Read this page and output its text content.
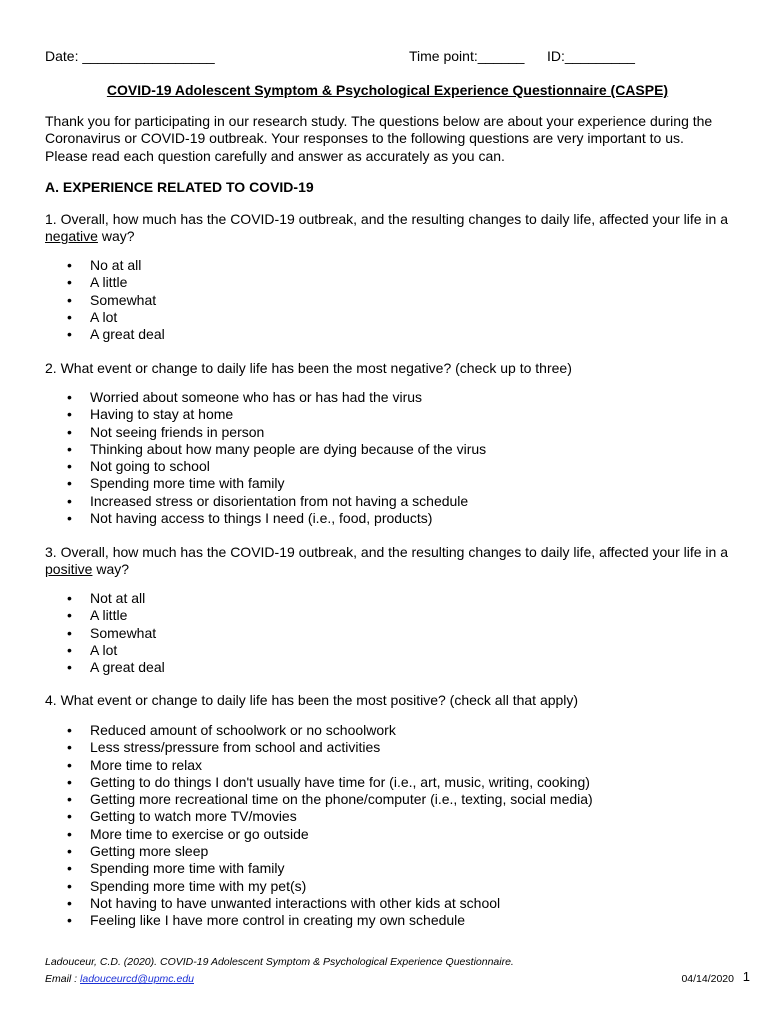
Date: _________________	Time point:______ ID:_________
COVID-19 Adolescent Symptom & Psychological Experience Questionnaire (CASPE)
Thank you for participating in our research study. The questions below are about your experience during the Coronavirus or COVID-19 outbreak. Your responses to the following questions are very important to us. Please read each question carefully and answer as accurately as you can.
A. EXPERIENCE RELATED TO COVID-19
1. Overall, how much has the COVID-19 outbreak, and the resulting changes to daily life, affected your life in a negative way?
• No at all
• A little
• Somewhat
• A lot
• A great deal
2. What event or change to daily life has been the most negative? (check up to three)
• Worried about someone who has or has had the virus
• Having to stay at home
• Not seeing friends in person
• Thinking about how many people are dying because of the virus
• Not going to school
• Spending more time with family
• Increased stress or disorientation from not having a schedule
• Not having access to things I need (i.e., food, products)
3. Overall, how much has the COVID-19 outbreak, and the resulting changes to daily life, affected your life in a positive way?
• Not at all
• A little
• Somewhat
• A lot
• A great deal
4. What event or change to daily life has been the most positive? (check all that apply)
• Reduced amount of schoolwork or no schoolwork
• Less stress/pressure from school and activities
• More time to relax
• Getting to do things I don't usually have time for (i.e., art, music, writing, cooking)
• Getting more recreational time on the phone/computer (i.e., texting, social media)
• Getting to watch more TV/movies
• More time to exercise or go outside
• Getting more sleep
• Spending more time with family
• Spending more time with my pet(s)
• Not having to have unwanted interactions with other kids at school
• Feeling like I have more control in creating my own schedule
Ladouceur, C.D. (2020). COVID-19 Adolescent Symptom & Psychological Experience Questionnaire.
Email : ladouceurcd@upmc.edu	04/14/2020 1
